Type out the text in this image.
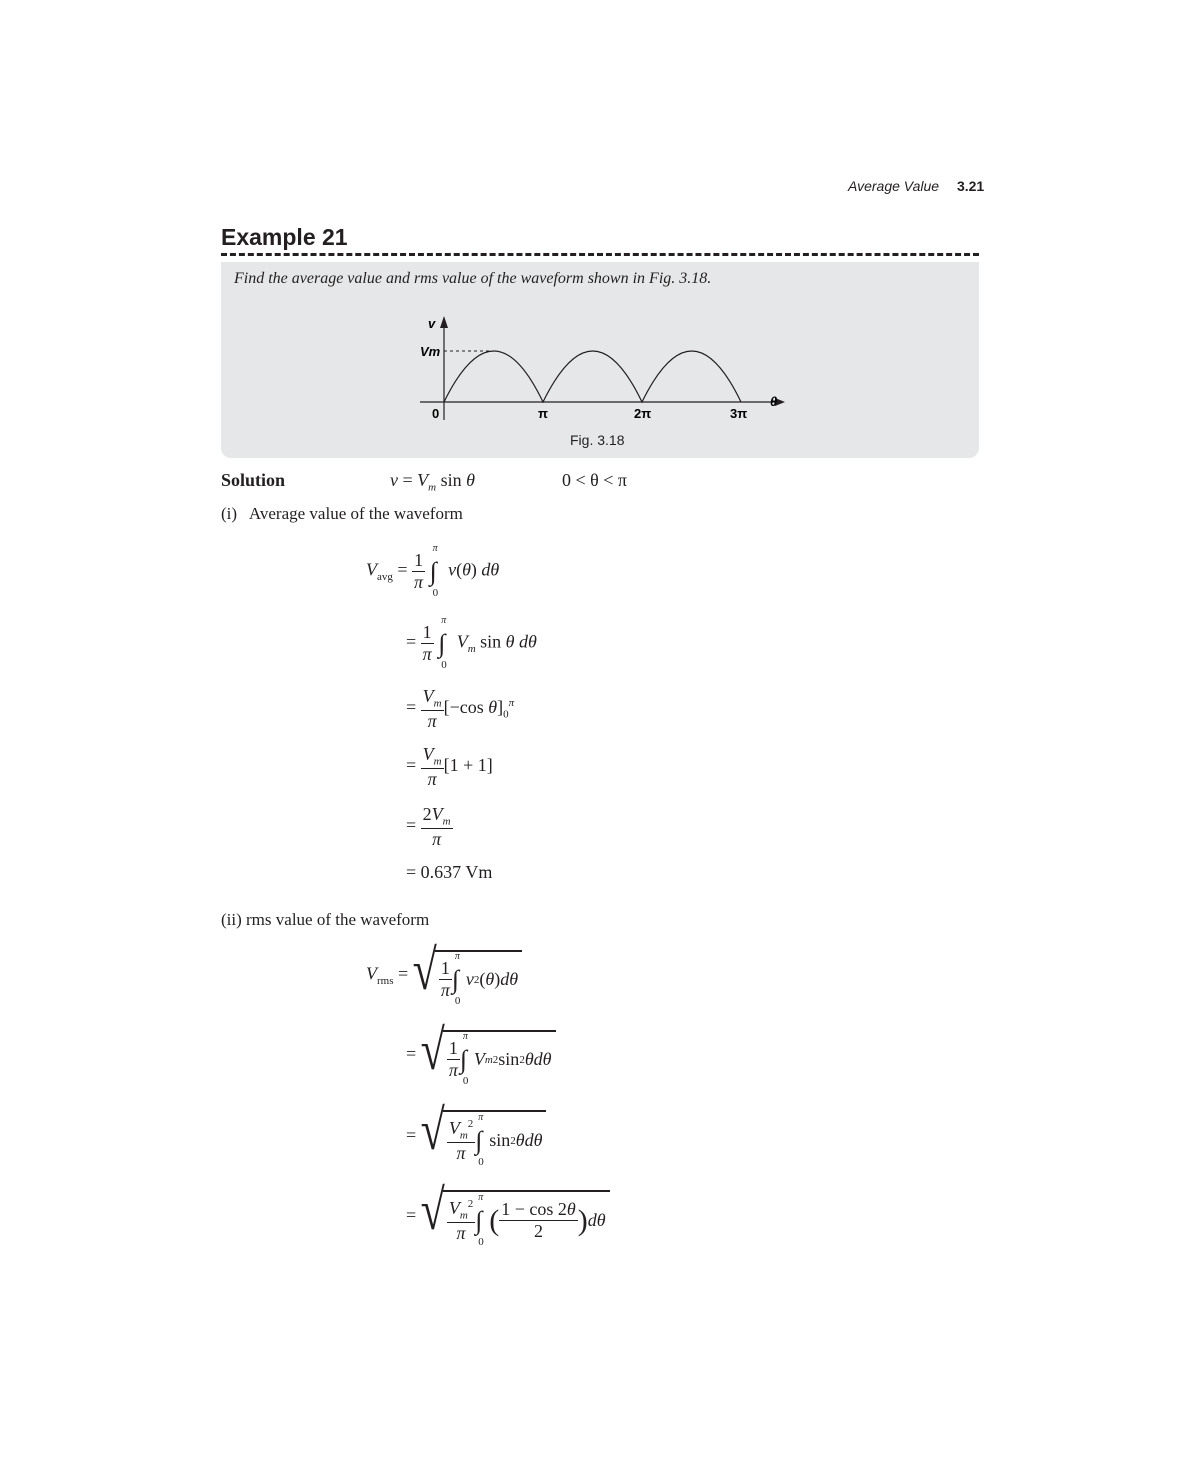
Average Value 3.21
Example 21
Find the average value and rms value of the waveform shown in Fig. 3.18.
v
Vm
θ
0	π	2π	3π
Fig. 3.18
Solution	$v = V_m$ sin θ	0 < θ < π
(i)   Average value of the waveform
$V_{avg} = \frac{1}{\pi}$ ∫
π
0
v(θ) dθ
= $\frac{1}{\pi}$ ∫
π
0
$V_m$ sin θ dθ
= $\frac{V_m}{\pi} [-\cos$ $\theta]_0^\pi$
= $\frac{V_m}{\pi} [1 + 1]$
= $\frac{2V_m}{\pi}$
= 0.637 Vm
(ii) rms value of the waveform
$V_{rms}$ = √ $\frac{1}{\pi}$ ∫
π
0
v 2 ( θ ) dθ
= √ $\frac{1}{\pi}$ ∫
π
0
V m 2 sin 2 θ dθ
= √ $\frac{V_m^2}{\pi}$ ∫
π
0
sin 2 θ dθ
= √ $\frac{V_m^2}{\pi}$ ∫
π
0
( $\frac{1 - \cos 2\theta}{2}$ ) dθ
